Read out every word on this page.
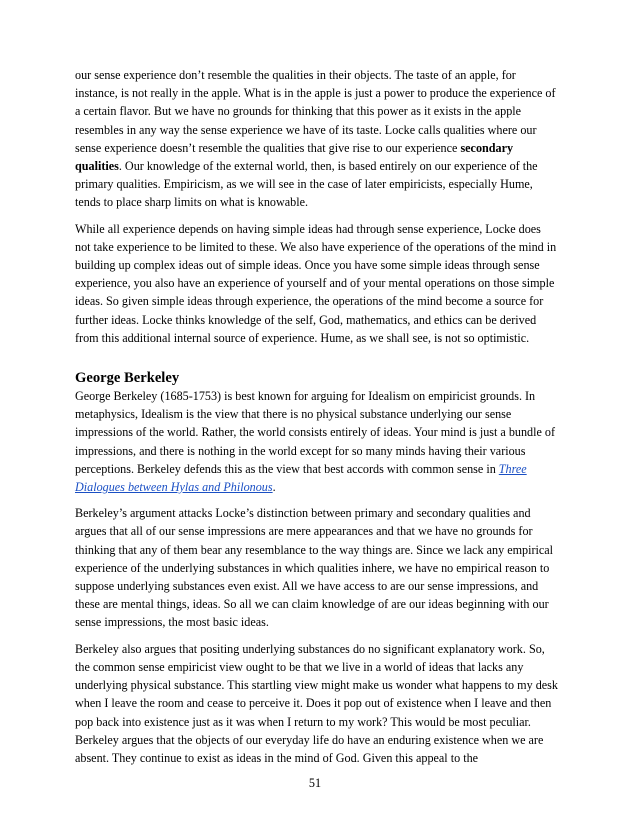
our sense experience don’t resemble the qualities in their objects. The taste of an apple, for instance, is not really in the apple. What is in the apple is just a power to produce the experience of a certain flavor. But we have no grounds for thinking that this power as it exists in the apple resembles in any way the sense experience we have of its taste. Locke calls qualities where our sense experience doesn’t resemble the qualities that give rise to our experience secondary qualities. Our knowledge of the external world, then, is based entirely on our experience of the primary qualities. Empiricism, as we will see in the case of later empiricists, especially Hume, tends to place sharp limits on what is knowable.

While all experience depends on having simple ideas had through sense experience, Locke does not take experience to be limited to these. We also have experience of the operations of the mind in building up complex ideas out of simple ideas. Once you have some simple ideas through sense experience, you also have an experience of yourself and of your mental operations on those simple ideas. So given simple ideas through experience, the operations of the mind become a source for further ideas. Locke thinks knowledge of the self, God, mathematics, and ethics can be derived from this additional internal source of experience. Hume, as we shall see, is not so optimistic.

George Berkeley

George Berkeley (1685-1753) is best known for arguing for Idealism on empiricist grounds. In metaphysics, Idealism is the view that there is no physical substance underlying our sense impressions of the world. Rather, the world consists entirely of ideas. Your mind is just a bundle of impressions, and there is nothing in the world except for so many minds having their various perceptions. Berkeley defends this as the view that best accords with common sense in Three Dialogues between Hylas and Philonous.

Berkeley’s argument attacks Locke’s distinction between primary and secondary qualities and argues that all of our sense impressions are mere appearances and that we have no grounds for thinking that any of them bear any resemblance to the way things are. Since we lack any empirical experience of the underlying substances in which qualities inhere, we have no empirical reason to suppose underlying substances even exist. All we have access to are our sense impressions, and these are mental things, ideas. So all we can claim knowledge of are our ideas beginning with our sense impressions, the most basic ideas.

Berkeley also argues that positing underlying substances do no significant explanatory work. So, the common sense empiricist view ought to be that we live in a world of ideas that lacks any underlying physical substance. This startling view might make us wonder what happens to my desk when I leave the room and cease to perceive it. Does it pop out of existence when I leave and then pop back into existence just as it was when I return to my work? This would be most peculiar. Berkeley argues that the objects of our everyday life do have an enduring existence when we are absent. They continue to exist as ideas in the mind of God. Given this appeal to the

51
